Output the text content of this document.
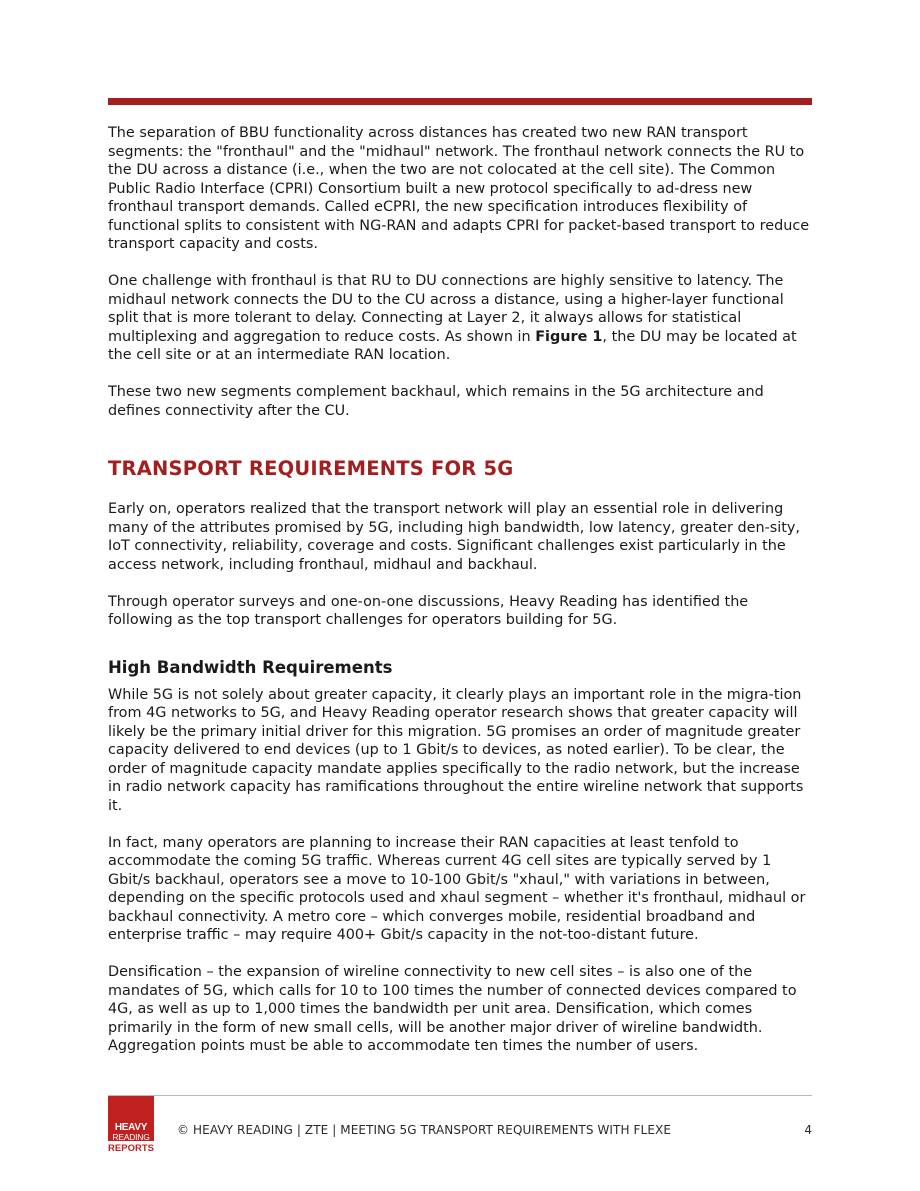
The separation of BBU functionality across distances has created two new RAN transport segments: the "fronthaul" and the "midhaul" network. The fronthaul network connects the RU to the DU across a distance (i.e., when the two are not colocated at the cell site). The Common Public Radio Interface (CPRI) Consortium built a new protocol specifically to ad-dress new fronthaul transport demands. Called eCPRI, the new specification introduces flexibility of functional splits to consistent with NG-RAN and adapts CPRI for packet-based transport to reduce transport capacity and costs.

One challenge with fronthaul is that RU to DU connections are highly sensitive to latency. The midhaul network connects the DU to the CU across a distance, using a higher-layer functional split that is more tolerant to delay. Connecting at Layer 2, it always allows for statistical multiplexing and aggregation to reduce costs. As shown in Figure 1, the DU may be located at the cell site or at an intermediate RAN location.

These two new segments complement backhaul, which remains in the 5G architecture and defines connectivity after the CU.

TRANSPORT REQUIREMENTS FOR 5G

Early on, operators realized that the transport network will play an essential role in delivering many of the attributes promised by 5G, including high bandwidth, low latency, greater den-sity, IoT connectivity, reliability, coverage and costs. Significant challenges exist particularly in the access network, including fronthaul, midhaul and backhaul.

Through operator surveys and one-on-one discussions, Heavy Reading has identified the following as the top transport challenges for operators building for 5G.

High Bandwidth Requirements

While 5G is not solely about greater capacity, it clearly plays an important role in the migra-tion from 4G networks to 5G, and Heavy Reading operator research shows that greater capacity will likely be the primary initial driver for this migration. 5G promises an order of magnitude greater capacity delivered to end devices (up to 1 Gbit/s to devices, as noted earlier). To be clear, the order of magnitude capacity mandate applies specifically to the radio network, but the increase in radio network capacity has ramifications throughout the entire wireline network that supports it.

In fact, many operators are planning to increase their RAN capacities at least tenfold to accommodate the coming 5G traffic. Whereas current 4G cell sites are typically served by 1 Gbit/s backhaul, operators see a move to 10-100 Gbit/s "xhaul," with variations in between, depending on the specific protocols used and xhaul segment – whether it's fronthaul, midhaul or backhaul connectivity. A metro core – which converges mobile, residential broadband and enterprise traffic – may require 400+ Gbit/s capacity in the not-too-distant future.

Densification – the expansion of wireline connectivity to new cell sites – is also one of the mandates of 5G, which calls for 10 to 100 times the number of connected devices compared to 4G, as well as up to 1,000 times the bandwidth per unit area. Densification, which comes primarily in the form of new small cells, will be another major driver of wireline bandwidth. Aggregation points must be able to accommodate ten times the number of users.

HEAVY
READING
REPORTS
© HEAVY READING | ZTE | MEETING 5G TRANSPORT REQUIREMENTS WITH FLEXE	4
